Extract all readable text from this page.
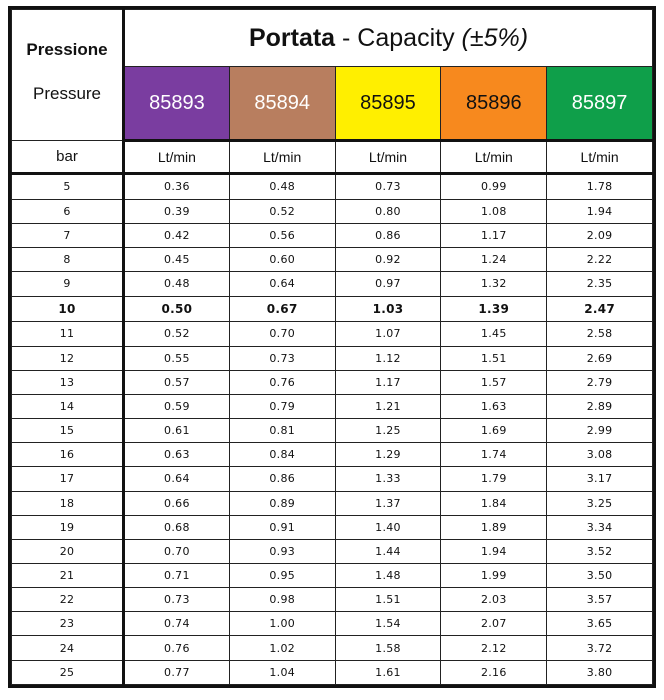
Pressione
Pressure	Portata - Capacity (±5%)				
	85893	85894	85895	85896	85897
bar	Lt/min	Lt/min	Lt/min	Lt/min	Lt/min
5	0.36	0.48	0.73	0.99	1.78
6	0.39	0.52	0.80	1.08	1.94
7	0.42	0.56	0.86	1.17	2.09
8	0.45	0.60	0.92	1.24	2.22
9	0.48	0.64	0.97	1.32	2.35
10	0.50	0.67	1.03	1.39	2.47
11	0.52	0.70	1.07	1.45	2.58
12	0.55	0.73	1.12	1.51	2.69
13	0.57	0.76	1.17	1.57	2.79
14	0.59	0.79	1.21	1.63	2.89
15	0.61	0.81	1.25	1.69	2.99
16	0.63	0.84	1.29	1.74	3.08
17	0.64	0.86	1.33	1.79	3.17
18	0.66	0.89	1.37	1.84	3.25
19	0.68	0.91	1.40	1.89	3.34
20	0.70	0.93	1.44	1.94	3.52
21	0.71	0.95	1.48	1.99	3.50
22	0.73	0.98	1.51	2.03	3.57
23	0.74	1.00	1.54	2.07	3.65
24	0.76	1.02	1.58	2.12	3.72
25	0.77	1.04	1.61	2.16	3.80
